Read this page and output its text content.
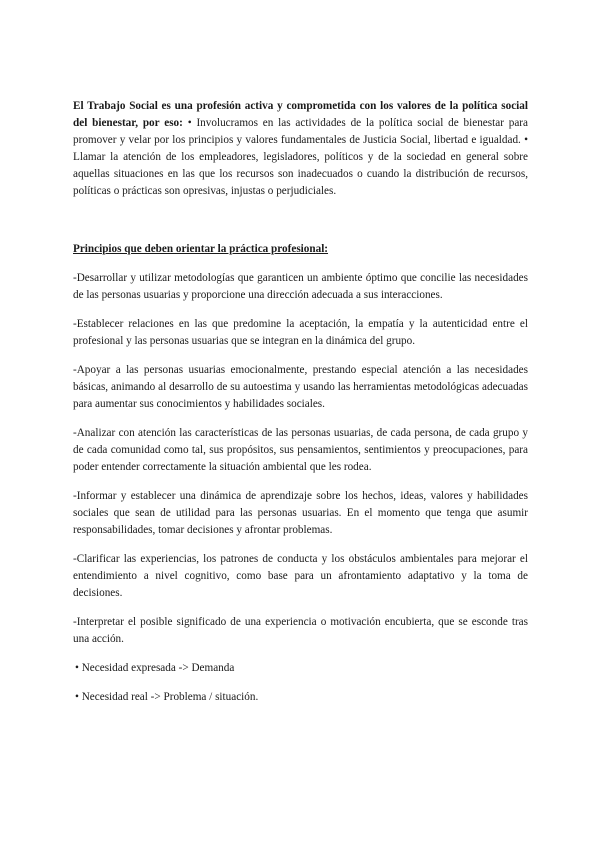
El Trabajo Social es una profesión activa y comprometida con los valores de la política social del bienestar, por eso: • Involucramos en las actividades de la política social de bienestar para promover y velar por los principios y valores fundamentales de Justicia Social, libertad e igualdad. • Llamar la atención de los empleadores, legisladores, políticos y de la sociedad en general sobre aquellas situaciones en las que los recursos son inadecuados o cuando la distribución de recursos, políticas o prácticas son opresivas, injustas o perjudiciales.

Principios que deben orientar la práctica profesional:

-Desarrollar y utilizar metodologías que garanticen un ambiente óptimo que concilie las necesidades de las personas usuarias y proporcione una dirección adecuada a sus interacciones.

-Establecer relaciones en las que predomine la aceptación, la empatía y la autenticidad entre el profesional y las personas usuarias que se integran en la dinámica del grupo.

-Apoyar a las personas usuarias emocionalmente, prestando especial atención a las necesidades básicas, animando al desarrollo de su autoestima y usando las herramientas metodológicas adecuadas para aumentar sus conocimientos y habilidades sociales.

-Analizar con atención las características de las personas usuarias, de cada persona, de cada grupo y de cada comunidad como tal, sus propósitos, sus pensamientos, sentimientos y preocupaciones, para poder entender correctamente la situación ambiental que les rodea.

-Informar y establecer una dinámica de aprendizaje sobre los hechos, ideas, valores y habilidades sociales que sean de utilidad para las personas usuarias. En el momento que tenga que asumir responsabilidades, tomar decisiones y afrontar problemas.

-Clarificar las experiencias, los patrones de conducta y los obstáculos ambientales para mejorar el entendimiento a nivel cognitivo, como base para un afrontamiento adaptativo y la toma de decisiones.

-Interpretar el posible significado de una experiencia o motivación encubierta, que se esconde tras una acción.

• Necesidad expresada -> Demanda

• Necesidad real -> Problema / situación.
